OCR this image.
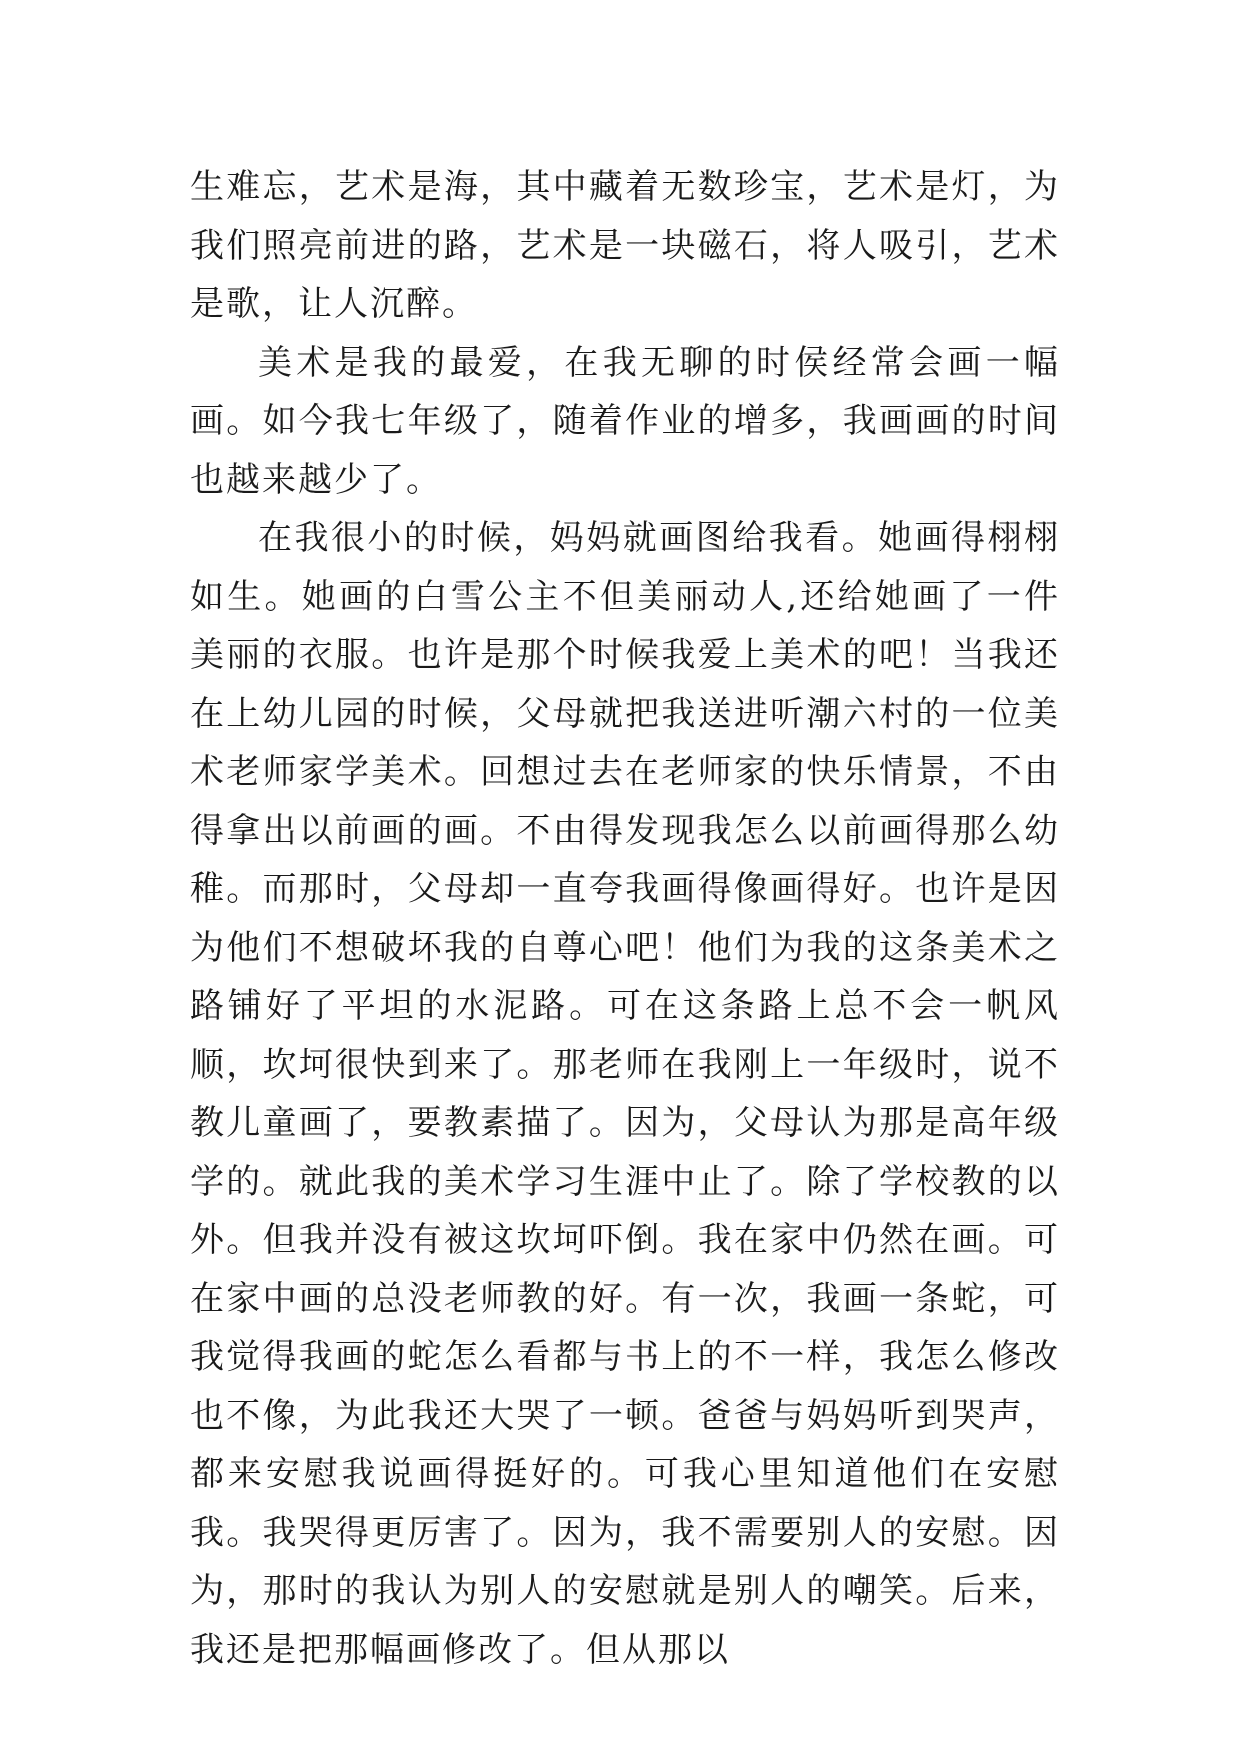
生难忘，艺术是海，其中藏着无数珍宝，艺术是灯，为我们照亮前进的路，艺术是一块磁石，将人吸引，艺术是歌，让人沉醉。

美术是我的最爱，在我无聊的时侯经常会画一幅画。如今我七年级了，随着作业的增多，我画画的时间也越来越少了。

在我很小的时候，妈妈就画图给我看。她画得栩栩如生。她画的白雪公主不但美丽动人,还给她画了一件美丽的衣服。也许是那个时候我爱上美术的吧！当我还在上幼儿园的时候，父母就把我送进听潮六村的一位美术老师家学美术。回想过去在老师家的快乐情景，不由得拿出以前画的画。不由得发现我怎么以前画得那么幼稚。而那时，父母却一直夸我画得像画得好。也许是因为他们不想破坏我的自尊心吧！他们为我的这条美术之路铺好了平坦的水泥路。可在这条路上总不会一帆风顺，坎坷很快到来了。那老师在我刚上一年级时，说不教儿童画了，要教素描了。因为，父母认为那是高年级学的。就此我的美术学习生涯中止了。除了学校教的以外。但我并没有被这坎坷吓倒。我在家中仍然在画。可在家中画的总没老师教的好。有一次，我画一条蛇，可我觉得我画的蛇怎么看都与书上的不一样，我怎么修改也不像，为此我还大哭了一顿。爸爸与妈妈听到哭声，都来安慰我说画得挺好的。可我心里知道他们在安慰我。我哭得更厉害了。因为，我不需要别人的安慰。因为，那时的我认为别人的安慰就是别人的嘲笑。后来，我还是把那幅画修改了。但从那以
